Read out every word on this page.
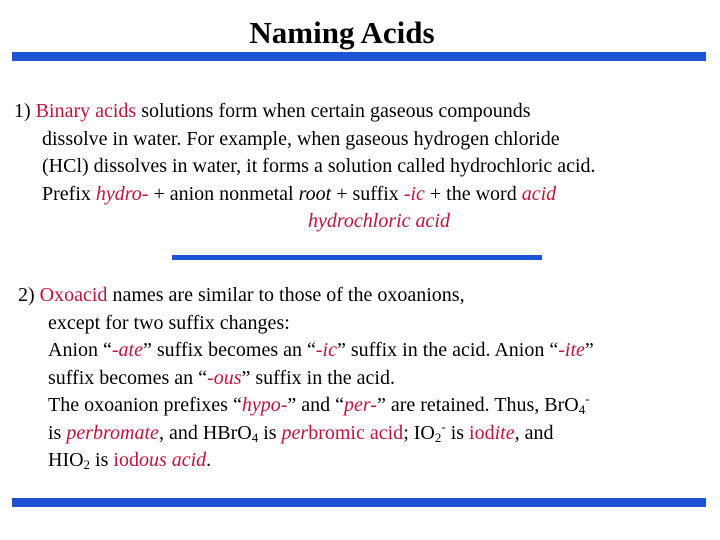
Naming Acids
1) Binary acids solutions form when certain gaseous compounds
dissolve in water. For example, when gaseous hydrogen chloride
(HCl) dissolves in water, it forms a solution called hydrochloric acid.
Prefix hydro- + anion nonmetal root + suffix -ic + the word acid
hydrochloric acid
2) Oxoacid names are similar to those of the oxoanions,
except for two suffix changes:
Anion “-ate” suffix becomes an “-ic” suffix in the acid. Anion “-ite”
suffix becomes an “-ous” suffix in the acid.
The oxoanion prefixes “hypo-” and “per-” are retained. Thus, BrO$_4$-
is perbromate, and HBrO$_4$ is perbromic acid; $IO_2^-$ is iodite, and
$HIO_2$ is iodous acid.
